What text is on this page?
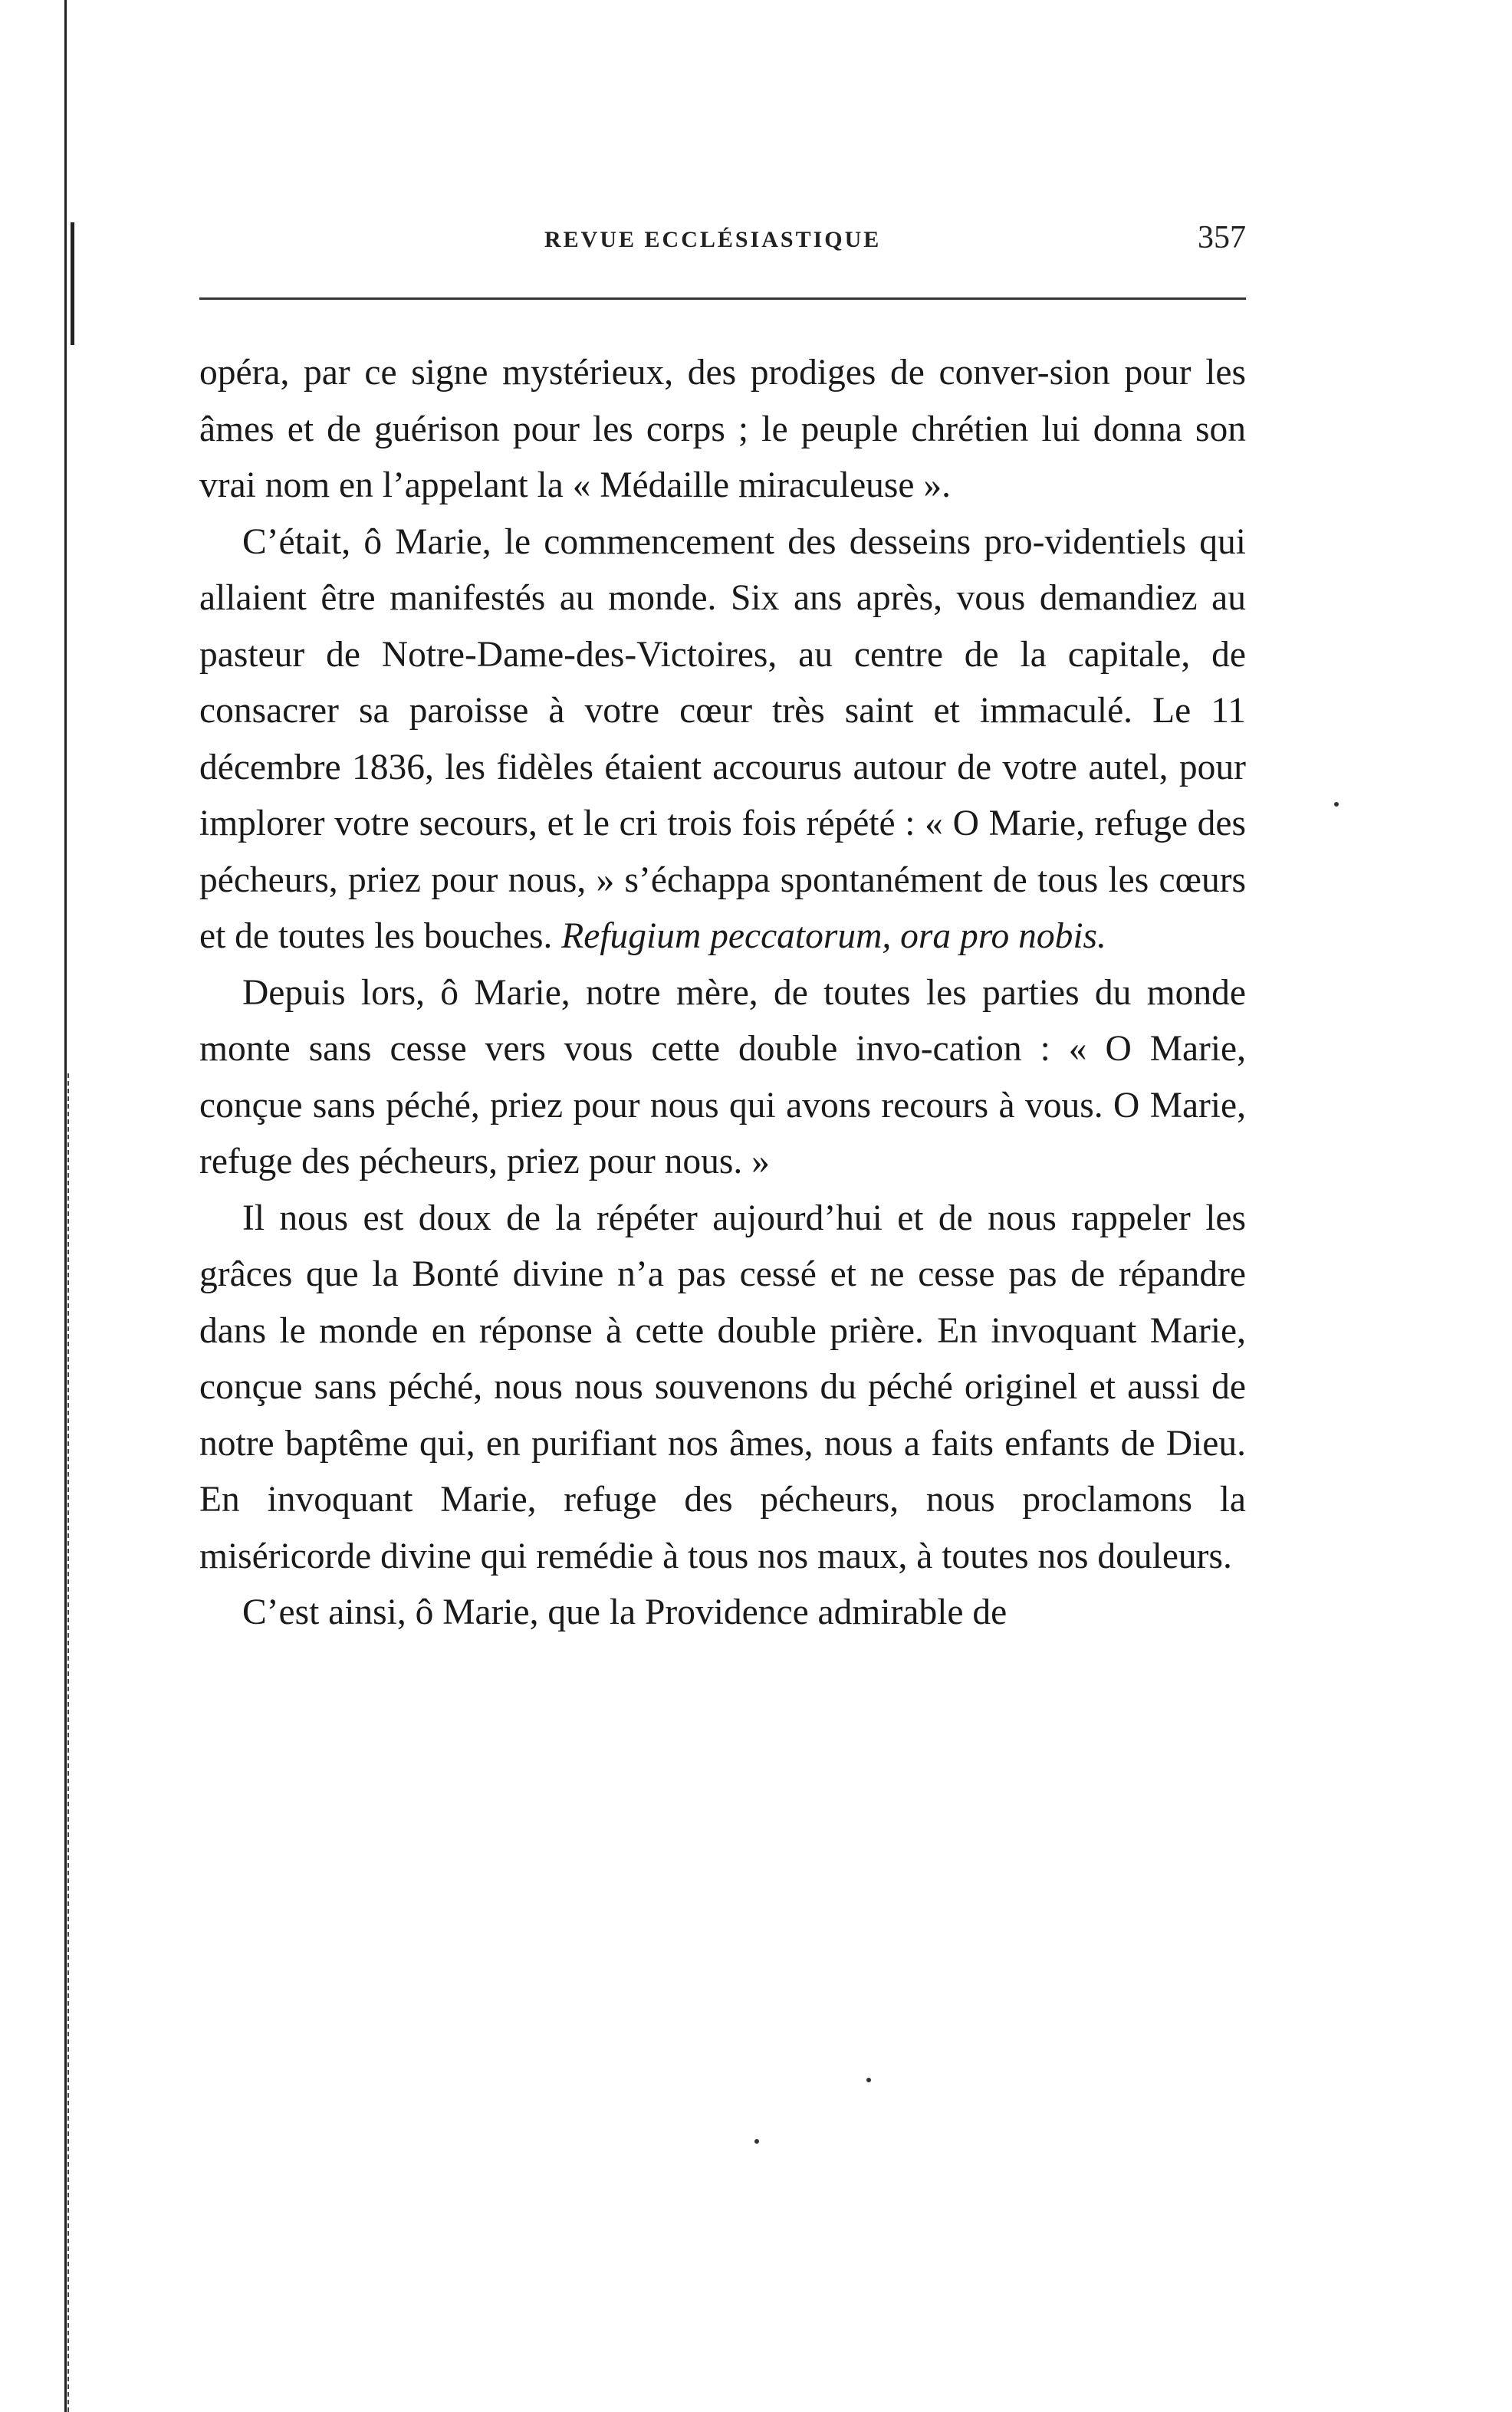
REVUE ECCLÉSIASTIQUE	357

opéra, par ce signe mystérieux, des prodiges de conver-sion pour les âmes et de guérison pour les corps ; le peuple chrétien lui donna son vrai nom en l’appelant la « Médaille miraculeuse ».

C’était, ô Marie, le commencement des desseins pro-videntiels qui allaient être manifestés au monde. Six ans après, vous demandiez au pasteur de Notre-Dame-des-Victoires, au centre de la capitale, de consacrer sa paroisse à votre cœur très saint et immaculé. Le 11 décembre 1836, les fidèles étaient accourus autour de votre autel, pour implorer votre secours, et le cri trois fois répété : « O Marie, refuge des pécheurs, priez pour nous, » s’échappa spontanément de tous les cœurs et de toutes les bouches. Refugium peccatorum, ora pro nobis.

Depuis lors, ô Marie, notre mère, de toutes les parties du monde monte sans cesse vers vous cette double invo-cation : « O Marie, conçue sans péché, priez pour nous qui avons recours à vous. O Marie, refuge des pécheurs, priez pour nous. »

Il nous est doux de la répéter aujourd’hui et de nous rappeler les grâces que la Bonté divine n’a pas cessé et ne cesse pas de répandre dans le monde en réponse à cette double prière. En invoquant Marie, conçue sans péché, nous nous souvenons du péché originel et aussi de notre baptême qui, en purifiant nos âmes, nous a faits enfants de Dieu. En invoquant Marie, refuge des pécheurs, nous proclamons la miséricorde divine qui remédie à tous nos maux, à toutes nos douleurs.

C’est ainsi, ô Marie, que la Providence admirable de
